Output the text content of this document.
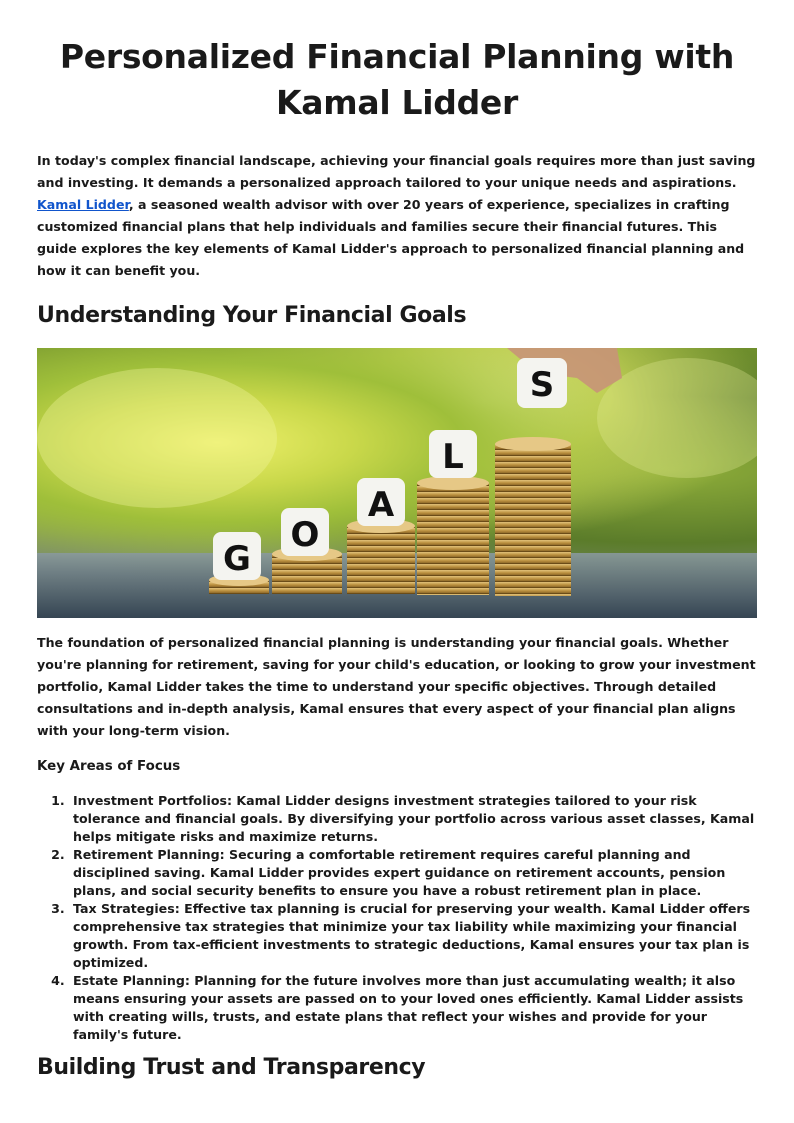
Personalized Financial Planning with Kamal Lidder

In today's complex financial landscape, achieving your financial goals requires more than just saving and investing. It demands a personalized approach tailored to your unique needs and aspirations. Kamal Lidder, a seasoned wealth advisor with over 20 years of experience, specializes in crafting customized financial plans that help individuals and families secure their financial futures. This guide explores the key elements of Kamal Lidder's approach to personalized financial planning and how it can benefit you.

Understanding Your Financial Goals
G
O
A
L
S

The foundation of personalized financial planning is understanding your financial goals. Whether you're planning for retirement, saving for your child's education, or looking to grow your investment portfolio, Kamal Lidder takes the time to understand your specific objectives. Through detailed consultations and in-depth analysis, Kamal ensures that every aspect of your financial plan aligns with your long-term vision.

Key Areas of Focus

1. Investment Portfolios: Kamal Lidder designs investment strategies tailored to your risk tolerance and financial goals. By diversifying your portfolio across various asset classes, Kamal helps mitigate risks and maximize returns.
2. Retirement Planning: Securing a comfortable retirement requires careful planning and disciplined saving. Kamal Lidder provides expert guidance on retirement accounts, pension plans, and social security benefits to ensure you have a robust retirement plan in place.
3. Tax Strategies: Effective tax planning is crucial for preserving your wealth. Kamal Lidder offers comprehensive tax strategies that minimize your tax liability while maximizing your financial growth. From tax-efficient investments to strategic deductions, Kamal ensures your tax plan is optimized.
4. Estate Planning: Planning for the future involves more than just accumulating wealth; it also means ensuring your assets are passed on to your loved ones efficiently. Kamal Lidder assists with creating wills, trusts, and estate plans that reflect your wishes and provide for your family's future.
Building Trust and Transparency
